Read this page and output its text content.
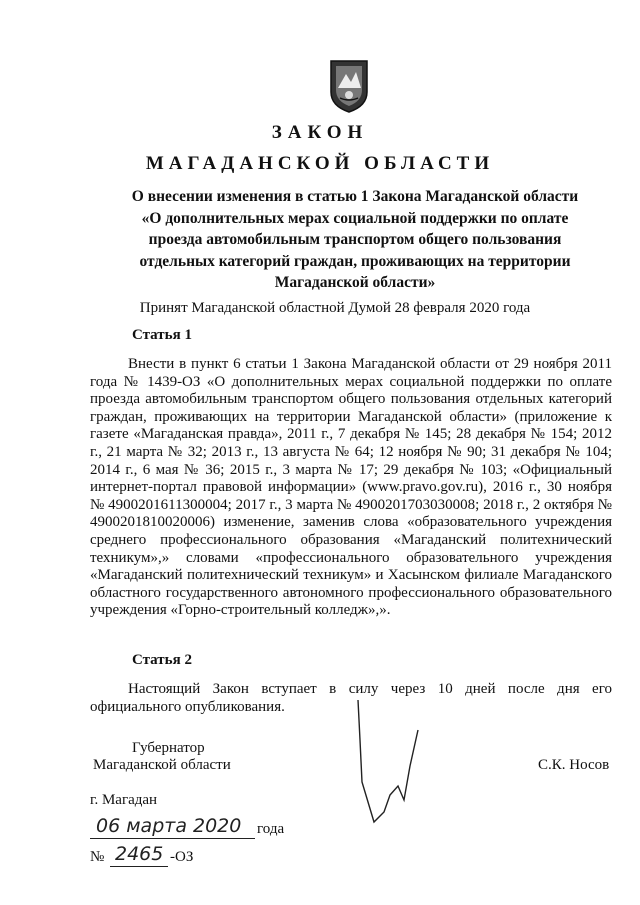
ЗАКОН
МАГАДАНСКОЙ ОБЛАСТИ
О внесении изменения в статью 1 Закона Магаданской области
«О дополнительных мерах социальной поддержки по оплате
проезда автомобильным транспортом общего пользования
отдельных категорий граждан, проживающих на территории
Магаданской области»
Принят Магаданской областной Думой 28 февраля 2020 года
Статья 1

Внести в пункт 6 статьи 1 Закона Магаданской области от 29 ноября 2011 года № 1439-ОЗ «О дополнительных мерах социальной поддержки по оплате проезда автомобильным транспортом общего пользования отдельных категорий граждан, проживающих на территории Магаданской области» (приложение к газете «Магаданская правда», 2011 г., 7 декабря № 145; 28 декабря № 154; 2012 г., 21 марта № 32; 2013 г., 13 августа № 64; 12 ноября № 90; 31 декабря № 104; 2014 г., 6 мая № 36; 2015 г., 3 марта № 17; 29 декабря № 103; «Официальный интернет-портал правовой информации» (www.pravo.gov.ru), 2016 г., 30 ноября № 4900201611300004; 2017 г., 3 марта № 4900201703030008; 2018 г., 2 октября № 4900201810020006) изменение, заменив слова «образовательного учреждения среднего профессионального образования «Магаданский политехнический техникум»,» словами «профессионального образовательного учреждения «Магаданский политехнический техникум» и Хасынском филиале Магаданского областного государственного автономного профессионального образовательного учреждения «Горно-строительный колледж»,».

Статья 2

Настоящий Закон вступает в силу через 10 дней после дня его официального опубликования.

Губернатор
Магаданской области	С.К. Носов
г. Магадан
06 марта 2020 года
№ 2465 -ОЗ
